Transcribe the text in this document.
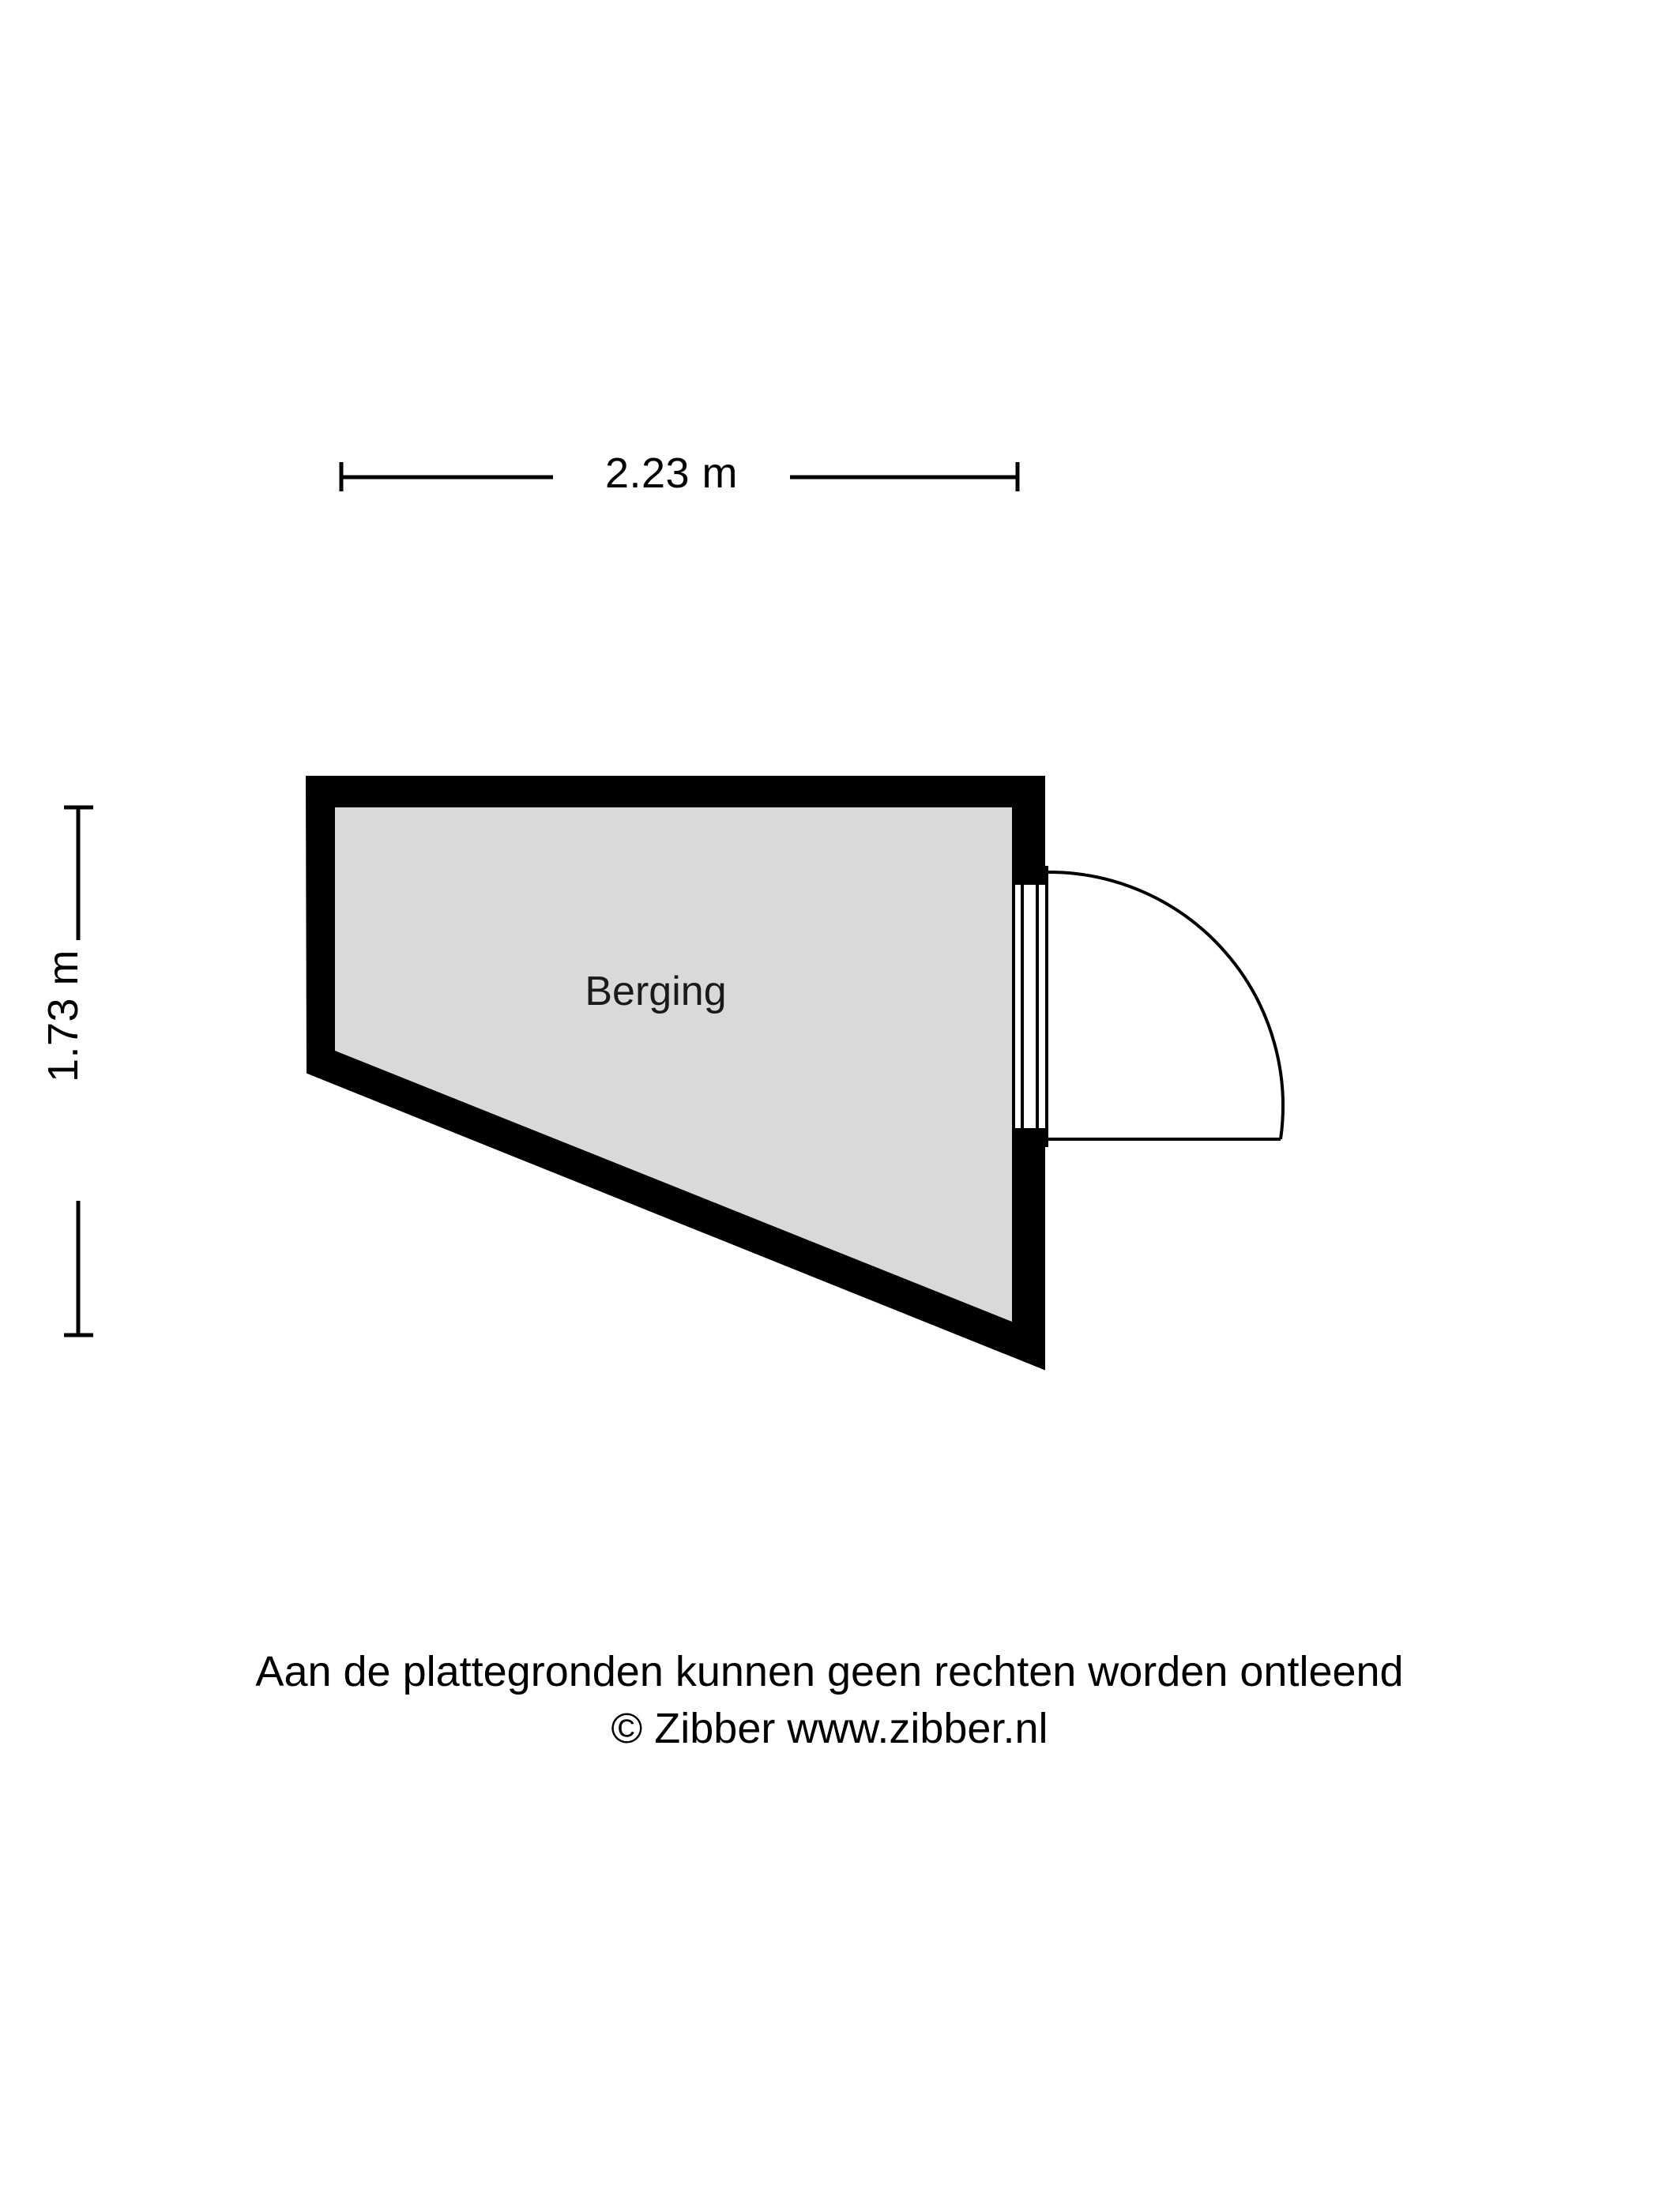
2.23 m
1.73 m	Berging
Aan de plattegronden kunnen geen rechten worden ontleend
© Zibber www.zibber.nl
